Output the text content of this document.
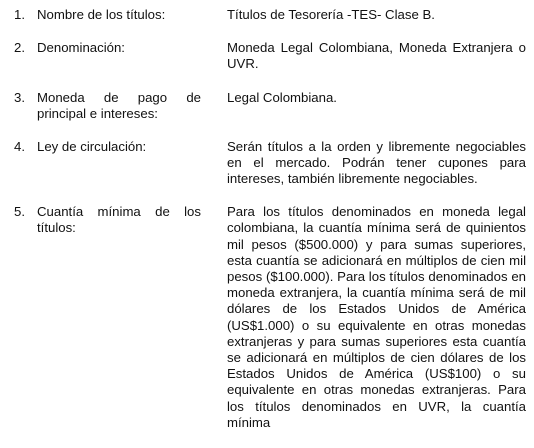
1. Nombre de los títulos:	Títulos de Tesorería -TES- Clase B.
2. Denominación:	Moneda Legal Colombiana, Moneda Extranjera o UVR.
3. Moneda de pago de principal e intereses:
Legal Colombiana.
4. Ley de circulación:	Serán títulos a la orden y libremente negociables en el mercado. Podrán tener cupones para intereses, también libremente negociables.
5. Cuantía mínima de los títulos:
Para los títulos denominados en moneda legal colombiana, la cuantía mínima será de quinientos mil pesos ($500.000) y para sumas superiores, esta cuantía se adicionará en múltiplos de cien mil pesos ($100.000). Para los títulos denominados en moneda extranjera, la cuantía mínima será de mil dólares de los Estados Unidos de América (US$1.000) o su equivalente en otras monedas extranjeras y para sumas superiores esta cuantía se adicionará en múltiplos de cien dólares de los Estados Unidos de América (US$100) o su equivalente en otras monedas extranjeras. Para los títulos denominados en UVR, la cuantía mínima
